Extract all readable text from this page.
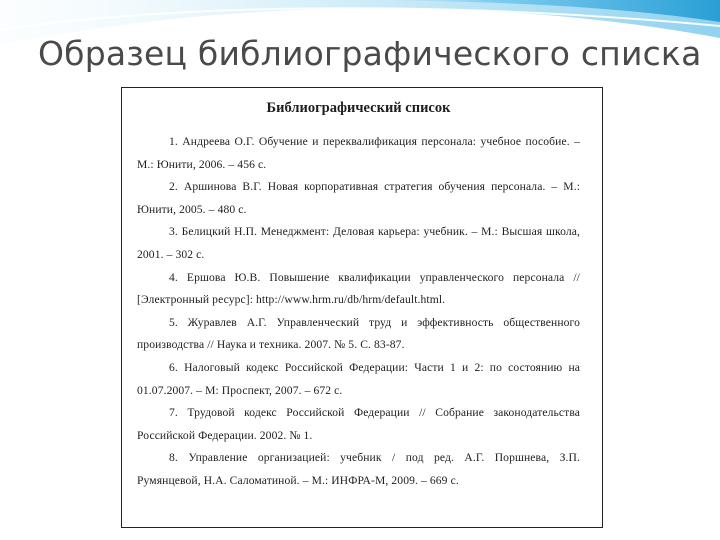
Образец библиографического списка
Библиографический список
1. Андреева О.Г. Обучение и переквалификация персонала: учебное пособие. – М.: Юнити, 2006. – 456 с.
2. Аршинова В.Г. Новая корпоративная стратегия обучения персонала. – М.: Юнити, 2005. – 480 с.
3. Белицкий Н.П. Менеджмент: Деловая карьера: учебник. – М.: Высшая школа, 2001. – 302 с.
4. Ершова Ю.В. Повышение квалификации управленческого персонала // [Электронный ресурс]: http://www.hrm.ru/db/hrm/default.html.
5. Журавлев А.Г. Управленческий труд и эффективность общественного производства // Наука и техника. 2007. № 5. С. 83-87.
6. Налоговый кодекс Российской Федерации: Части 1 и 2: по состоянию на 01.07.2007. – М: Проспект, 2007. – 672 с.
7. Трудовой кодекс Российской Федерации // Собрание законодательства Российской Федерации. 2002. № 1.
8. Управление организацией: учебник / под ред. А.Г. Поршнева, З.П. Румянцевой, Н.А. Саломатиной. – М.: ИНФРА-М, 2009. – 669 с.
